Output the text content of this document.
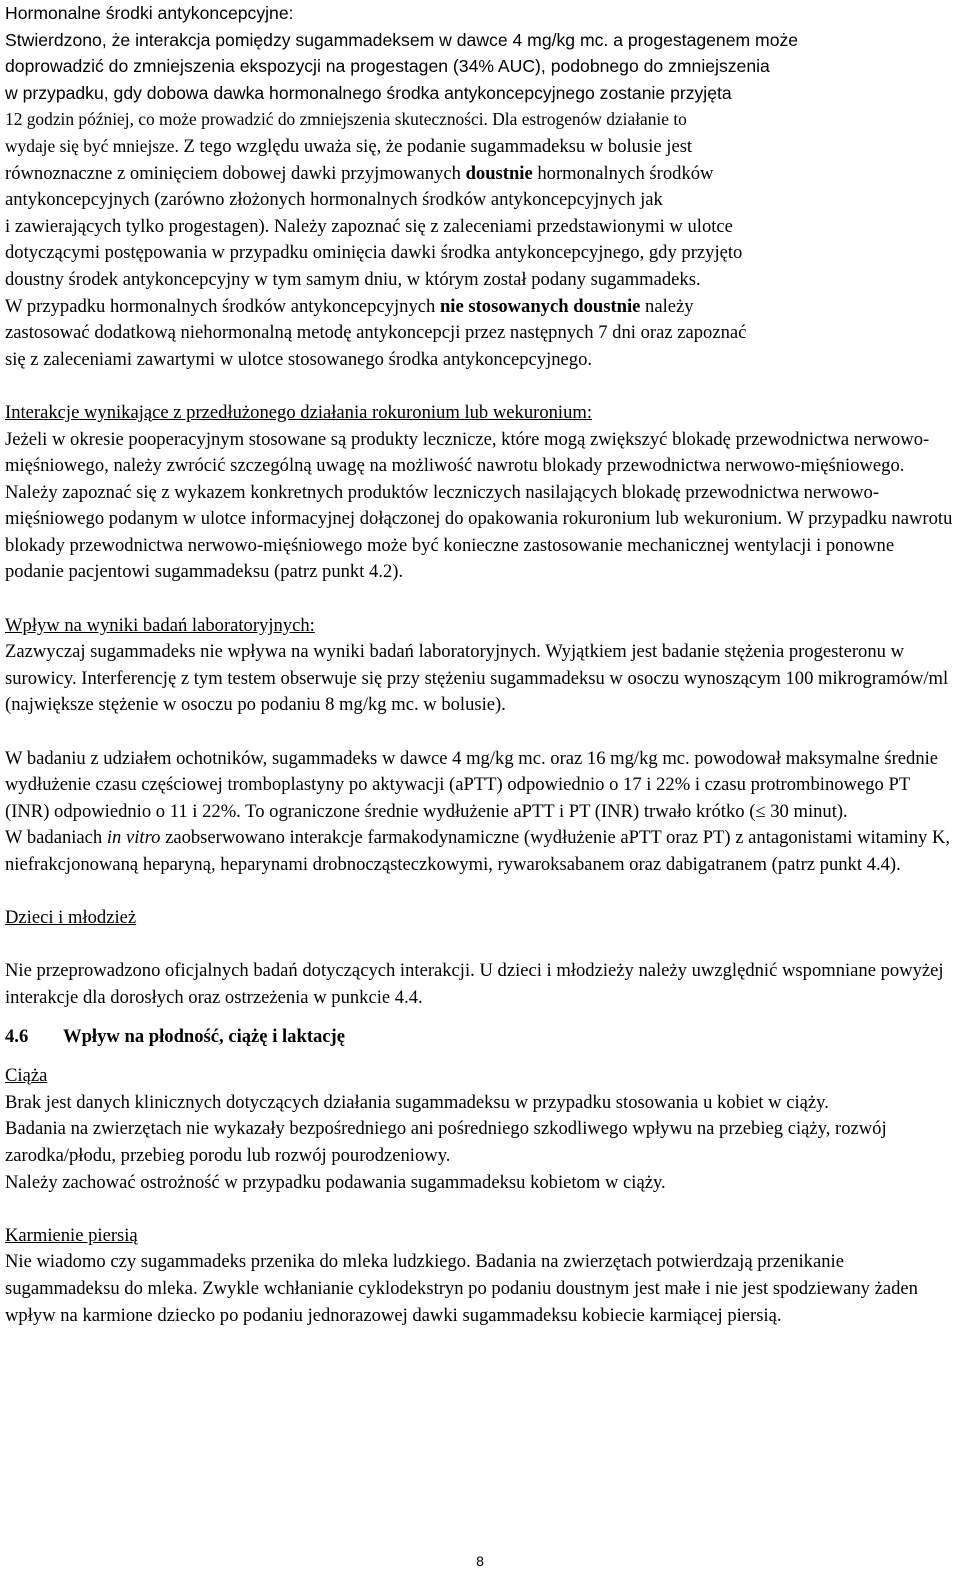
Hormonalne środki antykoncepcyjne:

Stwierdzono, że interakcja pomiędzy sugammadeksem w dawce 4 mg/kg mc. a progestagenem może

doprowadzić do zmniejszenia ekspozycji na progestagen (34% AUC), podobnego do zmniejszenia

w przypadku, gdy dobowa dawka hormonalnego środka antykoncepcyjnego zostanie przyjęta

12 godzin później, co może prowadzić do zmniejszenia skuteczności. Dla estrogenów działanie to

wydaje się być mniejsze. Z tego względu uważa się, że podanie sugammadeksu w bolusie jest

równoznaczne z ominięciem dobowej dawki przyjmowanych doustnie hormonalnych środków

antykoncepcyjnych (zarówno złożonych hormonalnych środków antykoncepcyjnych jak

i zawierających tylko progestagen). Należy zapoznać się z zaleceniami przedstawionymi w ulotce

dotyczącymi postępowania w przypadku ominięcia dawki środka antykoncepcyjnego, gdy przyjęto

doustny środek antykoncepcyjny w tym samym dniu, w którym został podany sugammadeks.

W przypadku hormonalnych środków antykoncepcyjnych nie stosowanych doustnie należy

zastosować dodatkową niehormonalną metodę antykoncepcji przez następnych 7 dni oraz zapoznać

się z zaleceniami zawartymi w ulotce stosowanego środka antykoncepcyjnego.

Interakcje wynikające z przedłużonego działania rokuronium lub wekuronium:

Jeżeli w okresie pooperacyjnym stosowane są produkty lecznicze, które mogą zwiększyć blokadę przewodnictwa nerwowo-mięśniowego, należy zwrócić szczególną uwagę na możliwość nawrotu blokady przewodnictwa nerwowo-mięśniowego. Należy zapoznać się z wykazem konkretnych produktów leczniczych nasilających blokadę przewodnictwa nerwowo-mięśniowego podanym w ulotce informacyjnej dołączonej do opakowania rokuronium lub wekuronium. W przypadku nawrotu blokady przewodnictwa nerwowo-mięśniowego może być konieczne zastosowanie mechanicznej wentylacji i ponowne podanie pacjentowi sugammadeksu (patrz punkt 4.2).

Wpływ na wyniki badań laboratoryjnych:

Zazwyczaj sugammadeks nie wpływa na wyniki badań laboratoryjnych. Wyjątkiem jest badanie stężenia progesteronu w surowicy. Interferencję z tym testem obserwuje się przy stężeniu sugammadeksu w osoczu wynoszącym 100 mikrogramów/ml (największe stężenie w osoczu po podaniu 8 mg/kg mc. w bolusie).

W badaniu z udziałem ochotników, sugammadeks w dawce 4 mg/kg mc. oraz 16 mg/kg mc. powodował maksymalne średnie wydłużenie czasu częściowej tromboplastyny po aktywacji (aPTT) odpowiednio o 17 i 22% i czasu protrombinowego PT (INR) odpowiednio o 11 i 22%. To ograniczone średnie wydłużenie aPTT i PT (INR) trwało krótko (≤ 30 minut).

W badaniach in vitro zaobserwowano interakcje farmakodynamiczne (wydłużenie aPTT oraz PT) z antagonistami witaminy K, niefrakcjonowaną heparyną, heparynami drobnocząsteczkowymi, rywaroksabanem oraz dabigatranem (patrz punkt 4.4).

Dzieci i młodzież

Nie przeprowadzono oficjalnych badań dotyczących interakcji. U dzieci i młodzieży należy uwzględnić wspomniane powyżej interakcje dla dorosłych oraz ostrzeżenia w punkcie 4.4.

4.6 Wpływ na płodność, ciążę i laktację

Ciąża

Brak jest danych klinicznych dotyczących działania sugammadeksu w przypadku stosowania u kobiet w ciąży.

Badania na zwierzętach nie wykazały bezpośredniego ani pośredniego szkodliwego wpływu na przebieg ciąży, rozwój zarodka/płodu, przebieg porodu lub rozwój pourodzeniowy.

Należy zachować ostrożność w przypadku podawania sugammadeksu kobietom w ciąży.

Karmienie piersią

Nie wiadomo czy sugammadeks przenika do mleka ludzkiego. Badania na zwierzętach potwierdzają przenikanie sugammadeksu do mleka. Zwykle wchłanianie cyklodekstryn po podaniu doustnym jest małe i nie jest spodziewany żaden wpływ na karmione dziecko po podaniu jednorazowej dawki sugammadeksu kobiecie karmiącej piersią.

8
